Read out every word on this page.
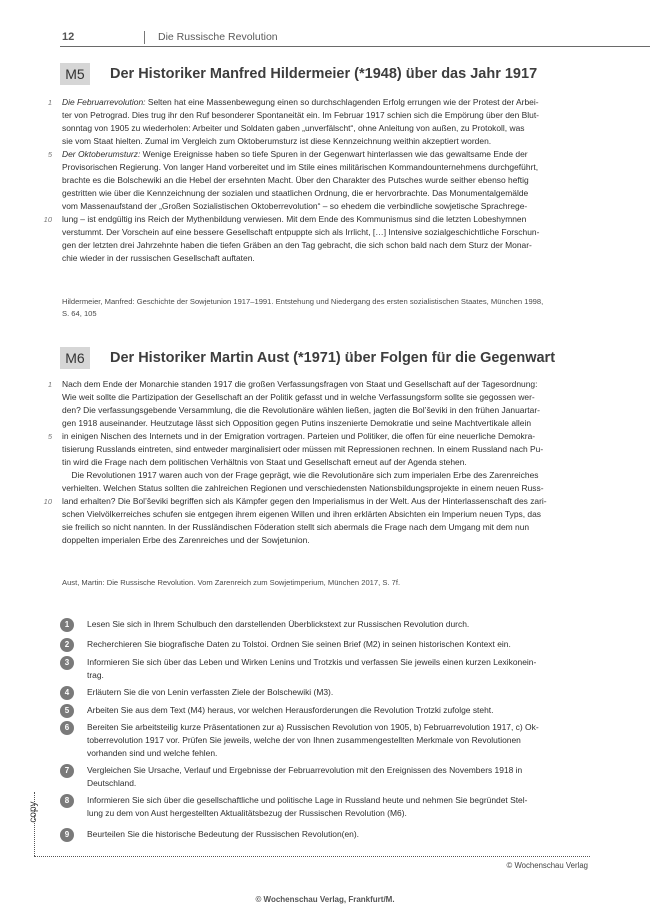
12	Die Russische Revolution
M5	Der Historiker Manfred Hildermeier (*1948) über das Jahr 1917
1 Die Februarrevolution: Selten hat eine Massenbewegung einen so durchschlagenden Erfolg errungen wie der Protest der Arbei-
ter von Petrograd. Dies trug ihr den Ruf besonderer Spontaneität ein. Im Februar 1917 schien sich die Empörung über den Blut-
sonntag von 1905 zu wiederholen: Arbeiter und Soldaten gaben „unverfälscht“, ohne Anleitung von außen, zu Protokoll, was
sie vom Staat hielten. Zumal im Vergleich zum Oktoberumsturz ist diese Kennzeichnung weithin akzeptiert worden.
5 Der Oktoberumsturz: Wenige Ereignisse haben so tiefe Spuren in der Gegenwart hinterlassen wie das gewaltsame Ende der
Provisorischen Regierung. Von langer Hand vorbereitet und im Stile eines militärischen Kommandounternehmens durchgeführt,
brachte es die Bolschewiki an die Hebel der ersehnten Macht. Über den Charakter des Putsches wurde seither ebenso heftig
gestritten wie über die Kennzeichnung der sozialen und staatlichen Ordnung, die er hervorbrachte. Das Monumentalgemälde
vom Massenaufstand der „Großen Sozialistischen Oktoberrevolution“ – so ehedem die verbindliche sowjetische Sprachrege-
10 lung – ist endgültig ins Reich der Mythenbildung verwiesen. Mit dem Ende des Kommunismus sind die letzten Lobeshymnen
verstummt. Der Vorschein auf eine bessere Gesellschaft entpuppte sich als Irrlicht, […] Intensive sozialgeschichtliche Forschun-
gen der letzten drei Jahrzehnte haben die tiefen Gräben an den Tag gebracht, die sich schon bald nach dem Sturz der Monar-
chie wieder in der russischen Gesellschaft auftaten.
Hildermeier, Manfred: Geschichte der Sowjetunion 1917–1991. Entstehung und Niedergang des ersten sozialistischen Staates, München 1998,
S. 64, 105
M6	Der Historiker Martin Aust (*1971) über Folgen für die Gegenwart
1 Nach dem Ende der Monarchie standen 1917 die großen Verfassungsfragen von Staat und Gesellschaft auf der Tagesordnung:
Wie weit sollte die Partizipation der Gesellschaft an der Politik gefasst und in welche Verfassungsform sollte sie gegossen wer-
den? Die verfassungsgebende Versammlung, die die Revolutionäre wählen ließen, jagten die Bol’ševiki in den frühen Januartar-
gen 1918 auseinander. Heutzutage lässt sich Opposition gegen Putins inszenierte Demokratie und seine Machtvertikale allein
5 in einigen Nischen des Internets und in der Emigration vortragen. Parteien und Politiker, die offen für eine neuerliche Demokra-
tisierung Russlands eintreten, sind entweder marginalisiert oder müssen mit Repressionen rechnen. In einem Russland nach Pu-
tin wird die Frage nach dem politischen Verhältnis von Staat und Gesellschaft erneut auf der Agenda stehen.
Die Revolutionen 1917 waren auch von der Frage geprägt, wie die Revolutionäre sich zum imperialen Erbe des Zarenreiches
verhielten. Welchen Status sollten die zahlreichen Regionen und verschiedensten Nationsbildungsprojekte in einem neuen Russ-
10 land erhalten? Die Bol’ševiki begriffen sich als Kämpfer gegen den Imperialismus in der Welt. Aus der Hinterlassenschaft des zari-
schen Vielvölkerreiches schufen sie entgegen ihrem eigenen Willen und ihren erklärten Absichten ein Imperium neuen Typs, das
sie freilich so nicht nannten. In der Russländischen Föderation stellt sich abermals die Frage nach dem Umgang mit dem nun
doppelten imperialen Erbe des Zarenreiches und der Sowjetunion.
Aust, Martin: Die Russische Revolution. Vom Zarenreich zum Sowjetimperium, München 2017, S. 7f.
1	Lesen Sie sich in Ihrem Schulbuch den darstellenden Überblickstext zur Russischen Revolution durch.
2	Recherchieren Sie biografische Daten zu Tolstoi. Ordnen Sie seinen Brief (M2) in seinen historischen Kontext ein.
3	Informieren Sie sich über das Leben und Wirken Lenins und Trotzkis und verfassen Sie jeweils einen kurzen Lexikonein-
trag.
4	Erläutern Sie die von Lenin verfassten Ziele der Bolschewiki (M3).
5	Arbeiten Sie aus dem Text (M4) heraus, vor welchen Herausforderungen die Revolution Trotzki zufolge steht.
6	Bereiten Sie arbeitsteilig kurze Präsentationen zur a) Russischen Revolution von 1905, b) Februarrevolution 1917, c) Ok-
toberrevolution 1917 vor. Prüfen Sie jeweils, welche der von Ihnen zusammengestellten Merkmale von Revolutionen
vorhanden sind und welche fehlen.
7	Vergleichen Sie Ursache, Verlauf und Ergebnisse der Februarrevolution mit den Ereignissen des Novembers 1918 in
Deutschland.
8	Informieren Sie sich über die gesellschaftliche und politische Lage in Russland heute und nehmen Sie begründet Stel-
lung zu dem von Aust hergestellten Aktualitätsbezug der Russischen Revolution (M6).
9	Beurteilen Sie die historische Bedeutung der Russischen Revolution(en).
copy
© Wochenschau Verlag
© Wochenschau Verlag, Frankfurt/M.
